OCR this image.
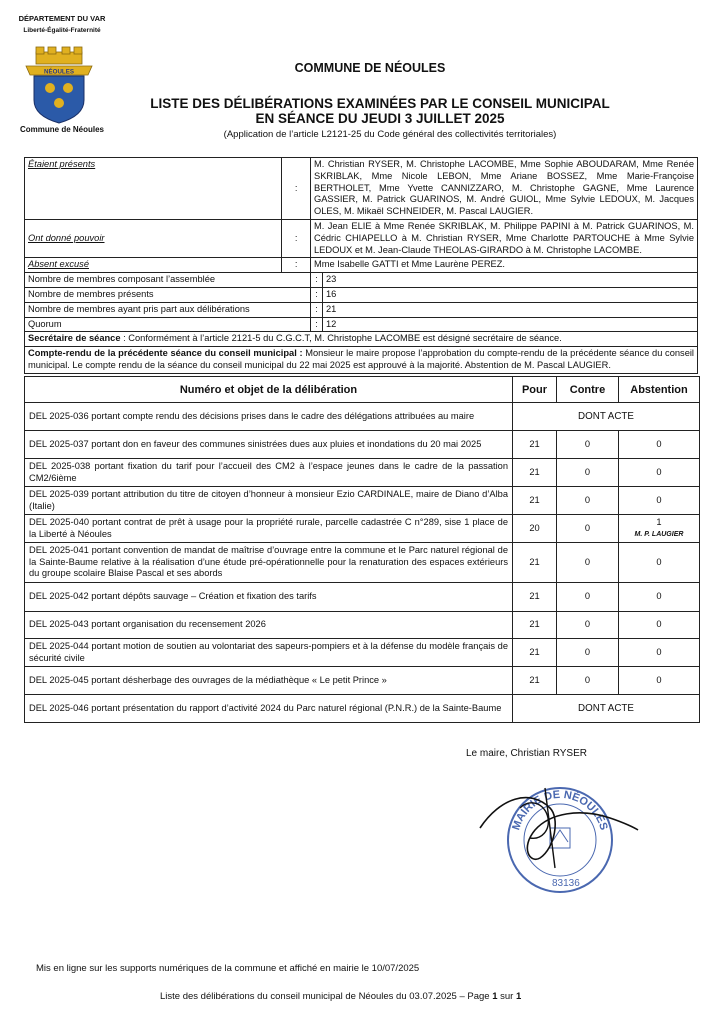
DÉPARTEMENT DU VAR
Liberté-Égalité-Fraternité
NÉOULES
Commune de Néoules
COMMUNE DE NÉOULES
LISTE DES DÉLIBÉRATIONS EXAMINÉES PAR LE CONSEIL MUNICIPAL
EN SÉANCE DU JEUDI 3 JUILLET 2025
(Application de l’article L2121-25 du Code général des collectivités territoriales)
Étaient présents	:	M. Christian RYSER, M. Christophe LACOMBE, Mme Sophie ABOUDARAM, Mme Renée SKRIBLAK, Mme Nicole LEBON, Mme Ariane BOSSEZ, Mme Marie-Françoise BERTHOLET, Mme Yvette CANNIZZARO, M. Christophe GAGNE, Mme Laurence GASSIER, M. Patrick GUARINOS, M. André GUIOL, Mme Sylvie LEDOUX, M. Jacques OLES, M. Mikaël SCHNEIDER, M. Pascal LAUGIER.	
Ont donné pouvoir	:	M. Jean ELIE à Mme Renée SKRIBLAK, M. Philippe PAPINI à M. Patrick GUARINOS, M. Cédric CHIAPELLO à M. Christian RYSER, Mme Charlotte PARTOUCHE à Mme Sylvie LEDOUX et M. Jean-Claude THEOLAS-GIRARDO à M. Christophe LACOMBE.	
Absent excusé	:	Mme Isabelle GATTI et Mme Laurène PEREZ.	
Nombre de membres composant l’assemblée		:	23
Nombre de membres présents		:	16
Nombre de membres ayant pris part aux délibérations		:	21
Quorum		:	12
Secrétaire de séance : Conformément à l’article 2121-5 du C.G.C.T, M. Christophe LACOMBE est désigné secrétaire de séance.			
Compte-rendu de la précédente séance du conseil municipal : Monsieur le maire propose l’approbation du compte-rendu de la précédente séance du conseil municipal. Le compte rendu de la séance du conseil municipal du 22 mai 2025 est approuvé à la majorité. Abstention de M. Pascal LAUGIER.			
Numéro et objet de la délibération	Pour	Contre	Abstention
DEL 2025-036 portant compte rendu des décisions prises dans le cadre des délégations attribuées au maire	DONT ACTE		
DEL 2025-037 portant don en faveur des communes sinistrées dues aux pluies et inondations du 20 mai 2025	21	0	0
DEL 2025-038 portant fixation du tarif pour l’accueil des CM2 à l’espace jeunes dans le cadre de la passation CM2/6ième	21	0	0
DEL 2025-039 portant attribution du titre de citoyen d’honneur à monsieur Ezio CARDINALE, maire de Diano d’Alba (Italie)	21	0	0
DEL 2025-040 portant contrat de prêt à usage pour la propriété rurale, parcelle cadastrée C n°289, sise 1 place de la Liberté à Néoules	20	0	1
M. P. LAUGIER

DEL 2025-041 portant convention de mandat de maîtrise d’ouvrage entre la commune et le Parc naturel régional de la Sainte-Baume relative à la réalisation d’une étude pré-opérationnelle pour la renaturation des espaces extérieurs du groupe scolaire Blaise Pascal et ses abords	21	0	0
DEL 2025-042 portant dépôts sauvage – Création et fixation des tarifs	21	0	0
DEL 2025-043 portant organisation du recensement 2026	21	0	0
DEL 2025-044 portant motion de soutien au volontariat des sapeurs-pompiers et à la défense du modèle français de sécurité civile	21	0	0
DEL 2025-045 portant désherbage des ouvrages de la médiathèque « Le petit Prince »	21	0	0
DEL 2025-046 portant présentation du rapport d’activité 2024 du Parc naturel régional (P.N.R.) de la Sainte-Baume	DONT ACTE		
Le maire, Christian RYSER
MAIRIE DE NÉOULES
83136
Mis en ligne sur les supports numériques de la commune et affiché en mairie le 10/07/2025
Liste des délibérations du conseil municipal de Néoules du 03.07.2025 – Page 1 sur 1
